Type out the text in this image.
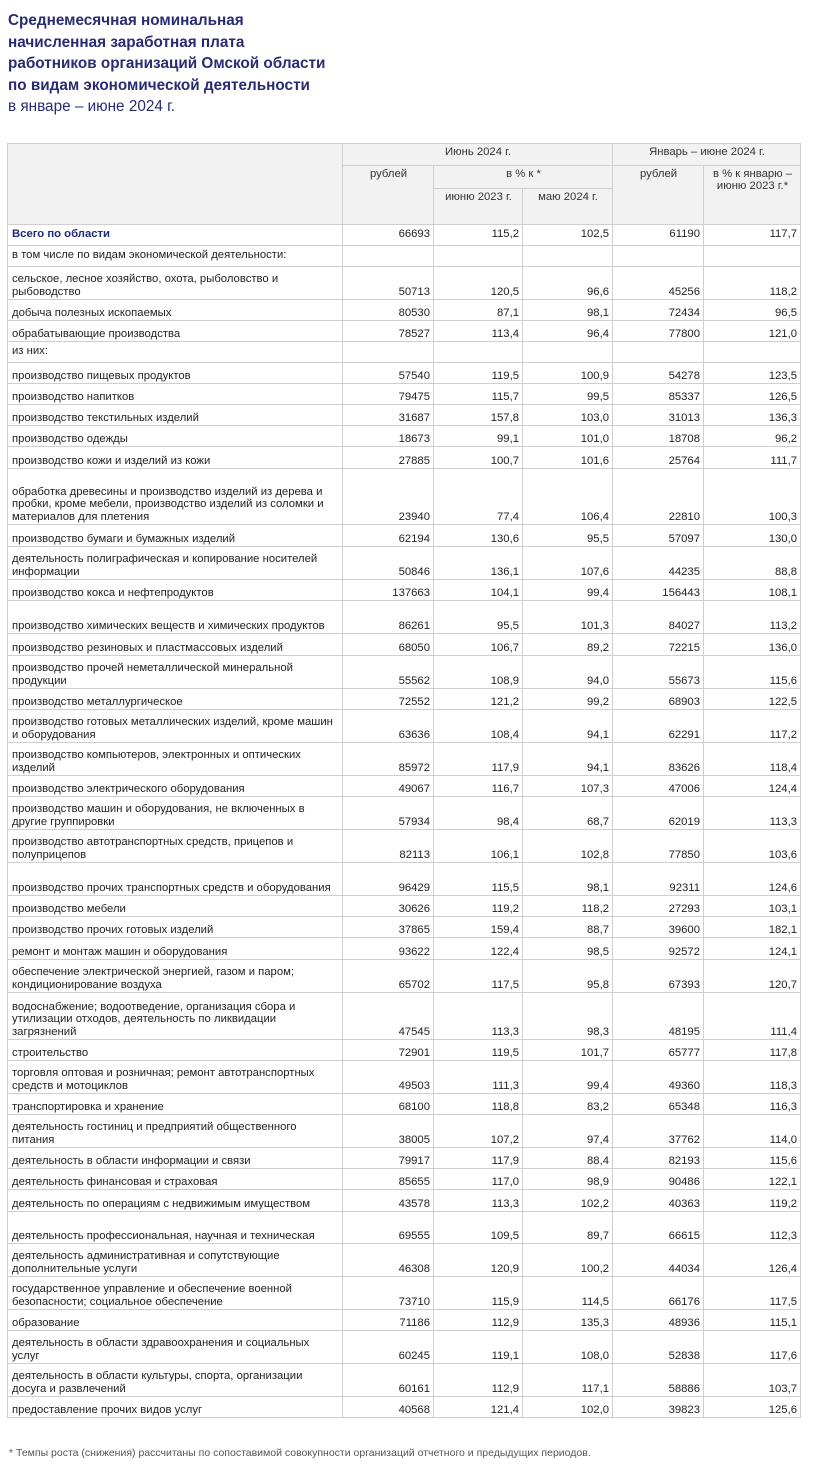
Среднемесячная номинальная
начисленная заработная плата
работников организаций Омской области
по видам экономической деятельности
в январе – июне 2024 г.
	Июнь 2024 г.			Январь – июне 2024 г.	
	рублей	в % к *		рублей	в % к январю – июню 2023 г.*
		июню 2023 г.	маю 2024 г.		
Всего по области	66693	115,2	102,5	61190	117,7
в том числе по видам экономической деятельности:					
сельское, лесное хозяйство, охота, рыболовство и рыбоводство	50713	120,5	96,6	45256	118,2
добыча полезных ископаемых	80530	87,1	98,1	72434	96,5
обрабатывающие производства	78527	113,4	96,4	77800	121,0
из них:					
производство пищевых продуктов	57540	119,5	100,9	54278	123,5
производство напитков	79475	115,7	99,5	85337	126,5
производство текстильных изделий	31687	157,8	103,0	31013	136,3
производство одежды	18673	99,1	101,0	18708	96,2
производство кожи и изделий из кожи	27885	100,7	101,6	25764	111,7
обработка древесины и производство изделий из дерева и пробки, кроме мебели, производство изделий из соломки и материалов для плетения	23940	77,4	106,4	22810	100,3
производство бумаги и бумажных изделий	62194	130,6	95,5	57097	130,0
деятельность полиграфическая и копирование носителей информации	50846	136,1	107,6	44235	88,8
производство кокса и нефтепродуктов	137663	104,1	99,4	156443	108,1
производство химических веществ и химических продуктов	86261	95,5	101,3	84027	113,2
производство резиновых и пластмассовых изделий	68050	106,7	89,2	72215	136,0
производство прочей неметаллической минеральной продукции	55562	108,9	94,0	55673	115,6
производство металлургическое	72552	121,2	99,2	68903	122,5
производство готовых металлических изделий, кроме машин и оборудования	63636	108,4	94,1	62291	117,2
производство компьютеров, электронных и оптических изделий	85972	117,9	94,1	83626	118,4
производство электрического оборудования	49067	116,7	107,3	47006	124,4
производство машин и оборудования, не включенных в другие группировки	57934	98,4	68,7	62019	113,3
производство автотранспортных средств, прицепов и полуприцепов	82113	106,1	102,8	77850	103,6
производство прочих транспортных средств и оборудования	96429	115,5	98,1	92311	124,6
производство мебели	30626	119,2	118,2	27293	103,1
производство прочих готовых изделий	37865	159,4	88,7	39600	182,1
ремонт и монтаж машин и оборудования	93622	122,4	98,5	92572	124,1
обеспечение электрической энергией, газом и паром; кондиционирование воздуха	65702	117,5	95,8	67393	120,7
водоснабжение; водоотведение, организация сбора и утилизации отходов, деятельность по ликвидации загрязнений	47545	113,3	98,3	48195	111,4
строительство	72901	119,5	101,7	65777	117,8
торговля оптовая и розничная; ремонт автотранспортных средств и мотоциклов	49503	111,3	99,4	49360	118,3
транспортировка и хранение	68100	118,8	83,2	65348	116,3
деятельность гостиниц и предприятий общественного питания	38005	107,2	97,4	37762	114,0
деятельность в области информации и связи	79917	117,9	88,4	82193	115,6
деятельность финансовая и страховая	85655	117,0	98,9	90486	122,1
деятельность по операциям с недвижимым имуществом	43578	113,3	102,2	40363	119,2
деятельность профессиональная, научная и техническая	69555	109,5	89,7	66615	112,3
деятельность административная и сопутствующие дополнительные услуги	46308	120,9	100,2	44034	126,4
государственное управление и обеспечение военной безопасности; социальное обеспечение	73710	115,9	114,5	66176	117,5
образование	71186	112,9	135,3	48936	115,1
деятельность в области здравоохранения и социальных услуг	60245	119,1	108,0	52838	117,6
деятельность в области культуры, спорта, организации досуга и развлечений	60161	112,9	117,1	58886	103,7
предоставление прочих видов услуг	40568	121,4	102,0	39823	125,6
* Темпы роста (снижения) рассчитаны по сопоставимой совокупности организаций отчетного и предыдущих периодов.
